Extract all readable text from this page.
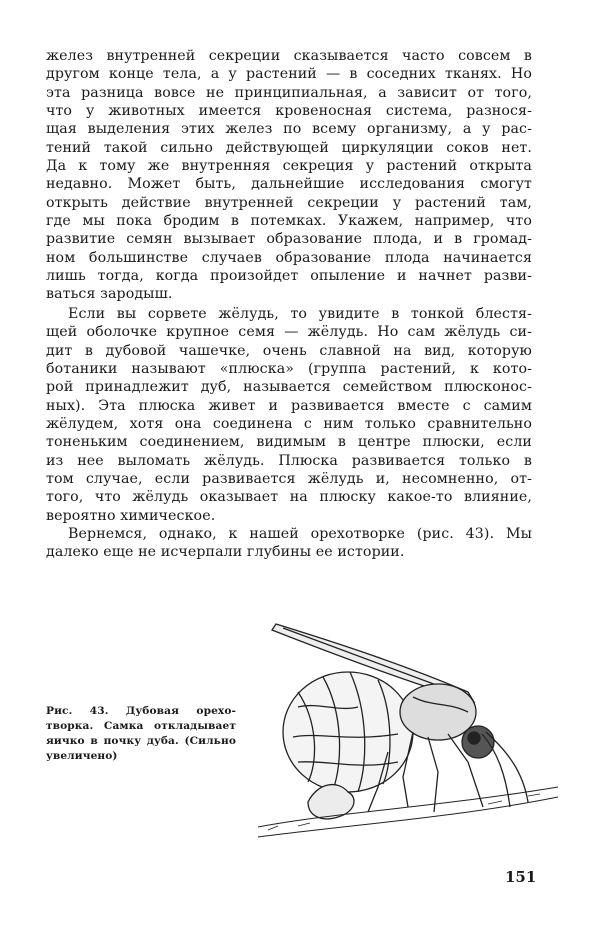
желез внутренней секреции сказывается часто совсем в
другом конце тела, а у растений — в соседних тканях. Но
эта разница вовсе не принципиальная, а зависит от того,
что у животных имеется кровеносная система, разнося-
щая выделения этих желез по всему организму, а у рас-
тений такой сильно действующей циркуляции соков нет.
Да к тому же внутренняя секреция у растений открыта
недавно. Может быть, дальнейшие исследования смогут
открыть действие внутренней секреции у растений там,
где мы пока бродим в потемках. Укажем, например, что
развитие семян вызывает образование плода, и в громад-
ном большинстве случаев образование плода начинается
лишь тогда, когда произойдет опыление и начнет разви-
ваться зародыш.
Если вы сорвете жёлудь, то увидите в тонкой блестя-
щей оболочке крупное семя — жёлудь. Но сам жёлудь си-
дит в дубовой чашечке, очень славной на вид, которую
ботаники называют «плюска» (группа растений, к кото-
рой принадлежит дуб, называется семейством плюсконос-
ных). Эта плюска живет и развивается вместе с самим
жёлудем, хотя она соединена с ним только сравнительно
тоненьким соединением, видимым в центре плюски, если
из нее выломать жёлудь. Плюска развивается только в
том случае, если развивается жёлудь и, несомненно, от-
того, что жёлудь оказывает на плюску какое-то влияние,
вероятно химическое.
Вернемся, однако, к нашей орехотворке (рис. 43). Мы
далеко еще не исчерпали глубины ее истории.
Рис. 43. Дубовая орехо-
творка. Самка откладывает
яичко в почку дуба. (Сильно
увеличено)
151
